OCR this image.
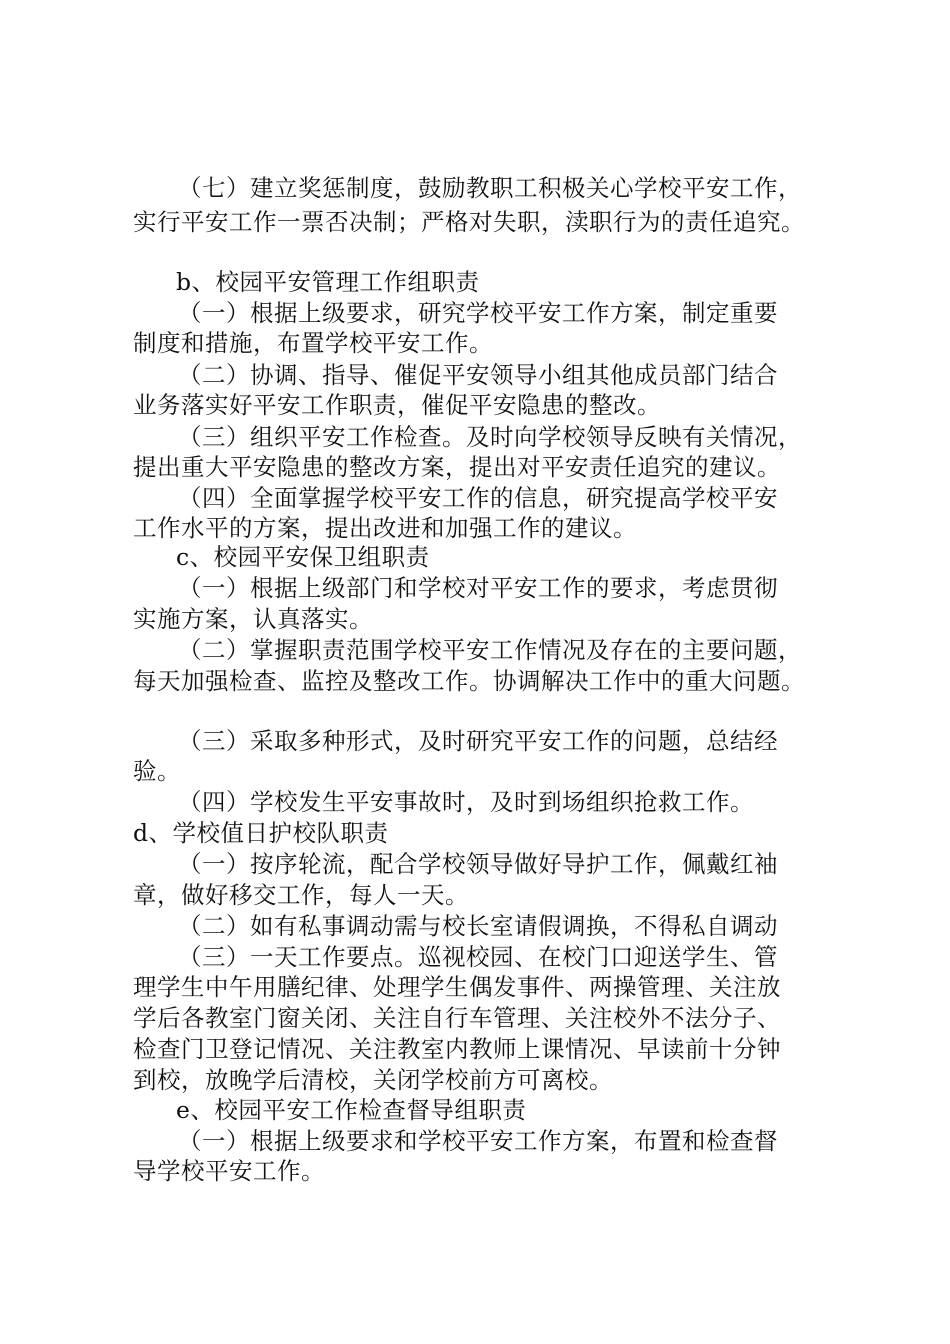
（七）建立奖惩制度，鼓励教职工积极关心学校平安工作，
实行平安工作一票否决制；严格对失职，渎职行为的责任追究。
b、校园平安管理工作组职责
（一）根据上级要求，研究学校平安工作方案，制定重要
制度和措施，布置学校平安工作。
（二）协调、指导、催促平安领导小组其他成员部门结合
业务落实好平安工作职责，催促平安隐患的整改。
（三）组织平安工作检查。及时向学校领导反映有关情况，
提出重大平安隐患的整改方案，提出对平安责任追究的建议。
（四）全面掌握学校平安工作的信息，研究提高学校平安
工作水平的方案，提出改进和加强工作的建议。
c、校园平安保卫组职责
（一）根据上级部门和学校对平安工作的要求，考虑贯彻
实施方案，认真落实。
（二）掌握职责范围学校平安工作情况及存在的主要问题，
每天加强检查、监控及整改工作。协调解决工作中的重大问题。
（三）采取多种形式，及时研究平安工作的问题，总结经
验。
（四）学校发生平安事故时，及时到场组织抢救工作。
d、学校值日护校队职责
（一）按序轮流，配合学校领导做好导护工作，佩戴红袖
章，做好移交工作，每人一天。
（二）如有私事调动需与校长室请假调换，不得私自调动
（三）一天工作要点。巡视校园、在校门口迎送学生、管
理学生中午用膳纪律、处理学生偶发事件、两操管理、关注放
学后各教室门窗关闭、关注自行车管理、关注校外不法分子、
检查门卫登记情况、关注教室内教师上课情况、早读前十分钟
到校，放晚学后清校，关闭学校前方可离校。
e、校园平安工作检查督导组职责
（一）根据上级要求和学校平安工作方案，布置和检查督
导学校平安工作。
